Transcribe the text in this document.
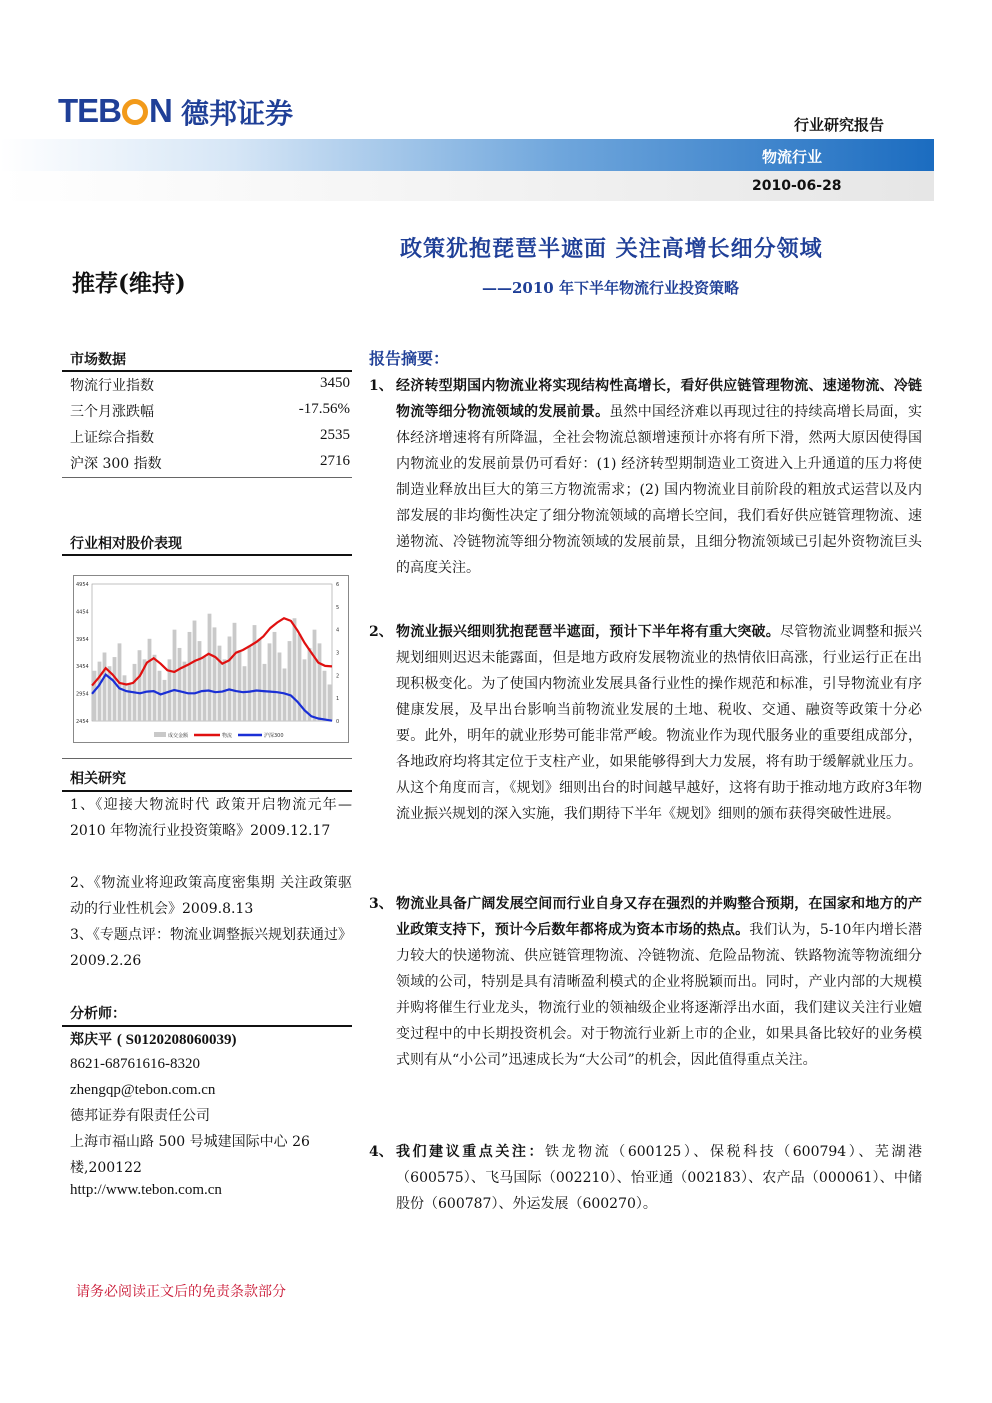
TEB N 德邦证券	行业研究报告
物流行业
2010-06-28
政策犹抱琵琶半遮面 关注高增长细分领域
——2010 年下半年物流行业投资策略
推荐(维持)
市场数据
物流行业指数	3450
三个月涨跌幅	-17.56%
上证综合指数	2535
沪深 300 指数	2716
行业相对股价表现
4954
4454
3954
3454
2954
2454
6
5
4
3
2
1
0
成交金额	物流	沪深300
相关研究
1、《迎接大物流时代 政策开启物流元年—2010 年物流行业投资策略》2009.12.17
2、《物流业将迎政策高度密集期 关注政策驱动的行业性机会》2009.8.13
3、《专题点评：物流业调整振兴规划获通过》2009.2.26
分析师：
郑庆平 ( S0120208060039)
8621-68761616-8320
zhengqp@tebon.com.cn
德邦证券有限责任公司
上海市福山路 500 号城建国际中心 26 楼,200122
http://www.tebon.com.cn
报告摘要：
1、 经济转型期国内物流业将实现结构性高增长，看好供应链管理物流、速递物流、冷链物流等细分物流领域的发展前景。虽然中国经济难以再现过往的持续高增长局面，实体经济增速将有所降温，全社会物流总额增速预计亦将有所下滑，然两大原因使得国内物流业的发展前景仍可看好：(1) 经济转型期制造业工资进入上升通道的压力将使制造业释放出巨大的第三方物流需求；(2) 国内物流业目前阶段的粗放式运营以及内部发展的非均衡性决定了细分物流领域的高增长空间，我们看好供应链管理物流、速递物流、冷链物流等细分物流领域的发展前景，且细分物流领域已引起外资物流巨头的高度关注。
2、 物流业振兴细则犹抱琵琶半遮面，预计下半年将有重大突破。尽管物流业调整和振兴规划细则迟迟未能露面，但是地方政府发展物流业的热情依旧高涨，行业运行正在出现积极变化。为了使国内物流业发展具备行业性的操作规范和标准，引导物流业有序健康发展，及早出台影响当前物流业发展的土地、税收、交通、融资等政策十分必要。此外，明年的就业形势可能非常严峻。物流业作为现代服务业的重要组成部分，各地政府均将其定位于支柱产业，如果能够得到大力发展，将有助于缓解就业压力。从这个角度而言，《规划》细则出台的时间越早越好，这将有助于推动地方政府3年物流业振兴规划的深入实施，我们期待下半年《规划》细则的颁布获得突破性进展。
3、 物流业具备广阔发展空间而行业自身又存在强烈的并购整合预期，在国家和地方的产业政策支持下，预计今后数年都将成为资本市场的热点。我们认为，5-10年内增长潜力较大的快递物流、供应链管理物流、冷链物流、危险品物流、铁路物流等物流细分领域的公司，特别是具有清晰盈利模式的企业将脱颖而出。同时，产业内部的大规模并购将催生行业龙头，物流行业的领袖级企业将逐渐浮出水面，我们建议关注行业嬗变过程中的中长期投资机会。对于物流行业新上市的企业，如果具备比较好的业务模式则有从“小公司”迅速成长为“大公司”的机会，因此值得重点关注。
4、 我们建议重点关注：铁龙物流（600125）、保税科技（600794）、芜湖港（600575）、飞马国际（002210）、怡亚通（002183）、农产品（000061）、中储股份（600787）、外运发展（600270）。
请务必阅读正文后的免责条款部分
